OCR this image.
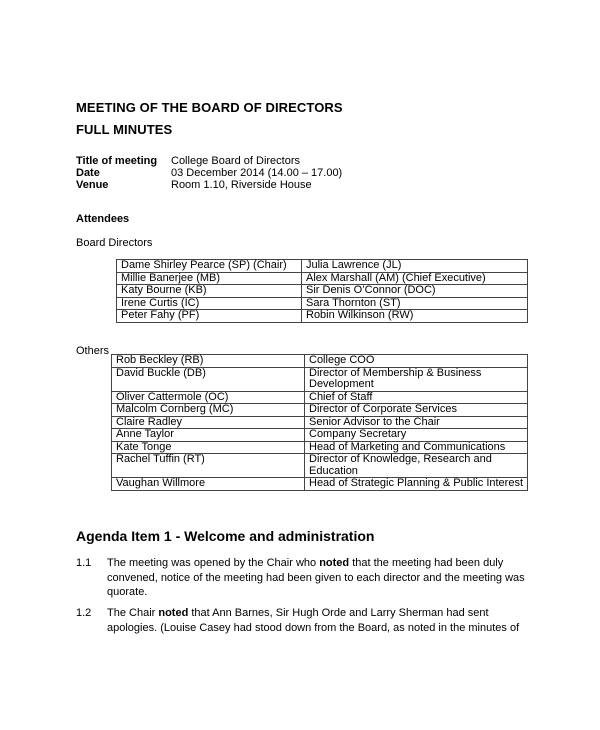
MEETING OF THE BOARD OF DIRECTORS
FULL MINUTES
Title of meeting	College Board of Directors
Date	03 December 2014 (14.00 – 17.00)
Venue	Room 1.10, Riverside House
Attendees
Board Directors
Dame Shirley Pearce (SP) (Chair)	Julia Lawrence (JL)
Millie Banerjee (MB)	Alex Marshall (AM) (Chief Executive)
Katy Bourne (KB)	Sir Denis O’Connor (DOC)
Irene Curtis (IC)	Sara Thornton (ST)
Peter Fahy (PF)	Robin Wilkinson (RW)
Others
Rob Beckley (RB)	College COO
David Buckle (DB)	Director of Membership & Business Development
Oliver Cattermole (OC)	Chief of Staff
Malcolm Cornberg (MC)	Director of Corporate Services
Claire Radley	Senior Advisor to the Chair
Anne Taylor	Company Secretary
Kate Tonge	Head of Marketing and Communications
Rachel Tuffin (RT)	Director of Knowledge, Research and Education
Vaughan Willmore	Head of Strategic Planning & Public Interest
Agenda Item 1 - Welcome and administration
1.1 The meeting was opened by the Chair who noted that the meeting had been duly convened, notice of the meeting had been given to each director and the meeting was quorate.
1.2 The Chair noted that Ann Barnes, Sir Hugh Orde and Larry Sherman had sent apologies. (Louise Casey had stood down from the Board, as noted in the minutes of
